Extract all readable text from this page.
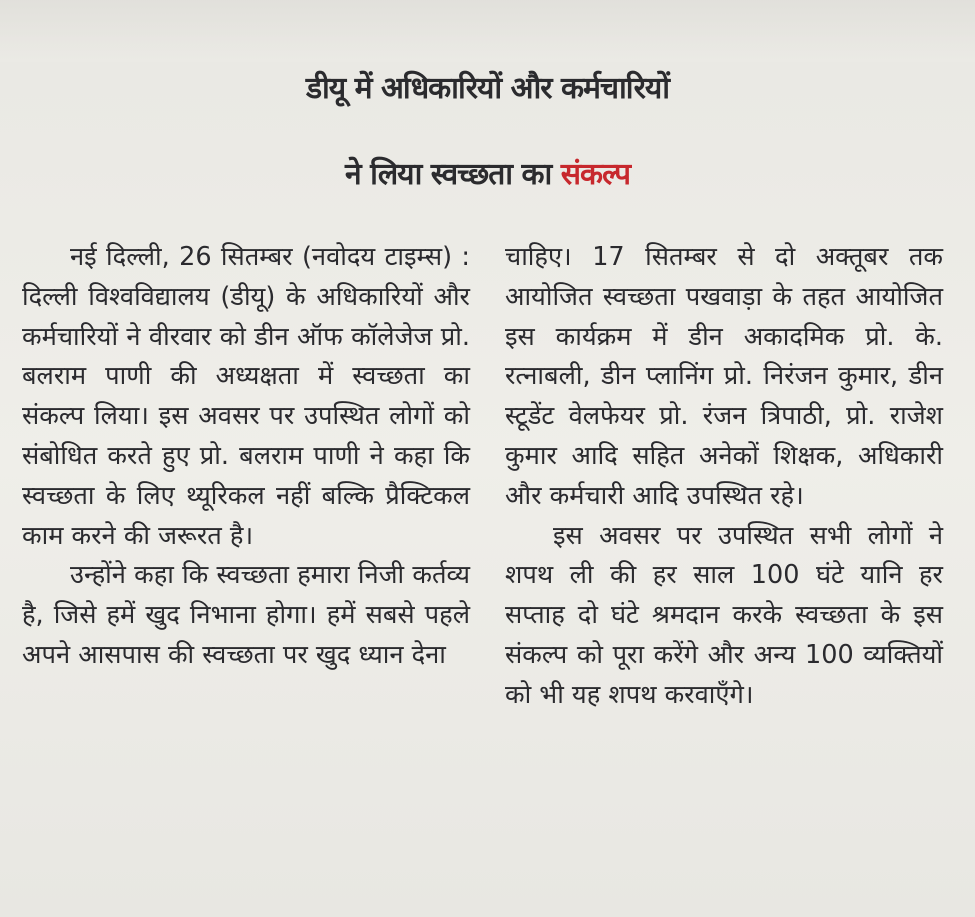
डीयू में अधिकारियों और कर्मचारियों
ने लिया स्वच्छता का संकल्प

नई दिल्ली, 26 सितम्बर (नवोदय टाइम्स) : दिल्ली विश्वविद्यालय (डीयू) के अधिकारियों और कर्मचारियों ने वीरवार को डीन ऑफ कॉलेजेज प्रो. बलराम पाणी की अध्यक्षता में स्वच्छता का संकल्प लिया। इस अवसर पर उपस्थित लोगों को संबोधित करते हुए प्रो. बलराम पाणी ने कहा कि स्वच्छता के लिए थ्यूरिकल नहीं बल्कि प्रैक्टिकल काम करने की जरूरत है।

उन्होंने कहा कि स्वच्छता हमारा निजी कर्तव्य है, जिसे हमें खुद निभाना होगा। हमें सबसे पहले अपने आसपास की स्वच्छता पर खुद ध्यान देना

चाहिए। 17 सितम्बर से दो अक्तूबर तक आयोजित स्वच्छता पखवाड़ा के तहत आयोजित इस कार्यक्रम में डीन अकादमिक प्रो. के. रत्नाबली, डीन प्लानिंग प्रो. निरंजन कुमार, डीन स्टूडेंट वेलफेयर प्रो. रंजन त्रिपाठी, प्रो. राजेश कुमार आदि सहित अनेकों शिक्षक, अधिकारी और कर्मचारी आदि उपस्थित रहे।

इस अवसर पर उपस्थित सभी लोगों ने शपथ ली की हर साल 100 घंटे यानि हर सप्ताह दो घंटे श्रमदान करके स्वच्छता के इस संकल्प को पूरा करेंगे और अन्य 100 व्यक्तियों को भी यह शपथ करवाएँगे।
